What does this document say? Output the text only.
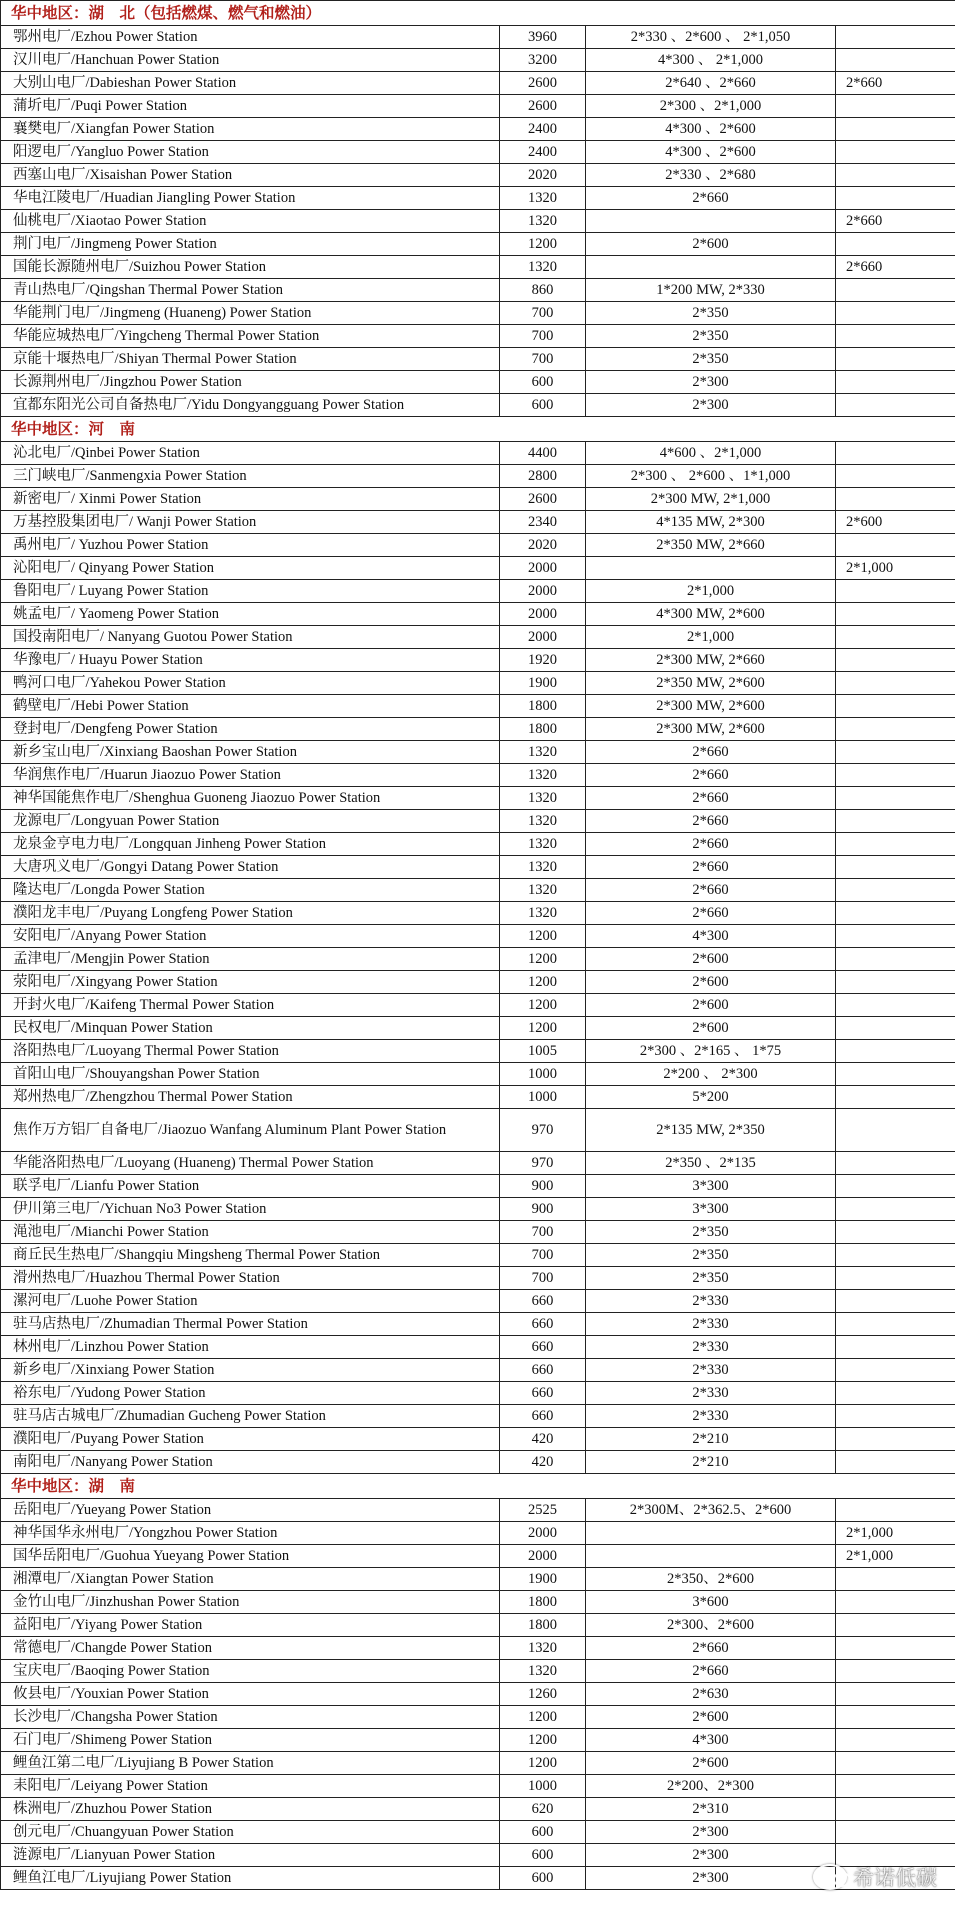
华中地区：湖　北（包括燃煤、燃气和燃油）			
鄂州电厂/Ezhou Power Station	3960	2*330 、2*600 、 2*1,050	
汉川电厂/Hanchuan Power Station	3200	4*300 、 2*1,000	
大别山电厂/Dabieshan Power Station	2600	2*640 、2*660	2*660
蒲圻电厂/Puqi Power Station	2600	2*300 、2*1,000	
襄樊电厂/Xiangfan Power Station	2400	4*300 、2*600	
阳逻电厂/Yangluo Power Station	2400	4*300 、2*600	
西塞山电厂/Xisaishan Power Station	2020	2*330 、2*680	
华电江陵电厂/Huadian Jiangling Power Station	1320	2*660	
仙桃电厂/Xiaotao Power Station	1320		2*660
荆门电厂/Jingmeng Power Station	1200	2*600	
国能长源随州电厂/Suizhou Power Station	1320		2*660
青山热电厂/Qingshan Thermal Power Station	860	1*200 MW, 2*330	
华能荆门电厂/Jingmeng (Huaneng) Power Station	700	2*350	
华能应城热电厂/Yingcheng Thermal Power Station	700	2*350	
京能十堰热电厂/Shiyan Thermal Power Station	700	2*350	
长源荆州电厂/Jingzhou Power Station	600	2*300	
宜都东阳光公司自备热电厂/Yidu Dongyangguang Power Station	600	2*300	
华中地区：河　南			
沁北电厂/Qinbei Power Station	4400	4*600 、2*1,000	
三门峡电厂/Sanmengxia Power Station	2800	2*300 、 2*600 、1*1,000	
新密电厂/ Xinmi Power Station	2600	2*300 MW, 2*1,000	
万基控股集团电厂/ Wanji Power Station	2340	4*135 MW, 2*300	2*600
禹州电厂/ Yuzhou Power Station	2020	2*350 MW, 2*660	
沁阳电厂/ Qinyang Power Station	2000		2*1,000
鲁阳电厂/ Luyang Power Station	2000	2*1,000	
姚孟电厂/ Yaomeng Power Station	2000	4*300 MW, 2*600	
国投南阳电厂/ Nanyang Guotou Power Station	2000	2*1,000	
华豫电厂/ Huayu Power Station	1920	2*300 MW, 2*660	
鸭河口电厂/Yahekou Power Station	1900	2*350 MW, 2*600	
鹤壁电厂/Hebi Power Station	1800	2*300 MW, 2*600	
登封电厂/Dengfeng Power Station	1800	2*300 MW, 2*600	
新乡宝山电厂/Xinxiang Baoshan Power Station	1320	2*660	
华润焦作电厂/Huarun Jiaozuo Power Station	1320	2*660	
神华国能焦作电厂/Shenghua Guoneng Jiaozuo Power Station	1320	2*660	
龙源电厂/Longyuan Power Station	1320	2*660	
龙泉金亨电力电厂/Longquan Jinheng Power Station	1320	2*660	
大唐巩义电厂/Gongyi Datang Power Station	1320	2*660	
隆达电厂/Longda Power Station	1320	2*660	
濮阳龙丰电厂/Puyang Longfeng Power Station	1320	2*660	
安阳电厂/Anyang Power Station	1200	4*300	
孟津电厂/Mengjin Power Station	1200	2*600	
荥阳电厂/Xingyang Power Station	1200	2*600	
开封火电厂/Kaifeng Thermal Power Station	1200	2*600	
民权电厂/Minquan Power Station	1200	2*600	
洛阳热电厂/Luoyang Thermal Power Station	1005	2*300 、2*165 、 1*75	
首阳山电厂/Shouyangshan Power Station	1000	2*200 、 2*300	
郑州热电厂/Zhengzhou Thermal Power Station	1000	5*200	
焦作万方铝厂自备电厂/Jiaozuo Wanfang Aluminum Plant Power Station	970	2*135 MW, 2*350	
华能洛阳热电厂/Luoyang (Huaneng) Thermal Power Station	970	2*350 、2*135	
联孚电厂/Lianfu Power Station	900	3*300	
伊川第三电厂/Yichuan No3 Power Station	900	3*300	
渑池电厂/Mianchi Power Station	700	2*350	
商丘民生热电厂/Shangqiu Mingsheng Thermal Power Station	700	2*350	
滑州热电厂/Huazhou Thermal Power Station	700	2*350	
漯河电厂/Luohe Power Station	660	2*330	
驻马店热电厂/Zhumadian Thermal Power Station	660	2*330	
林州电厂/Linzhou Power Station	660	2*330	
新乡电厂/Xinxiang Power Station	660	2*330	
裕东电厂/Yudong Power Station	660	2*330	
驻马店古城电厂/Zhumadian Gucheng Power Station	660	2*330	
濮阳电厂/Puyang Power Station	420	2*210	
南阳电厂/Nanyang Power Station	420	2*210	
华中地区：湖　南			
岳阳电厂/Yueyang Power Station	2525	2*300M、2*362.5、2*600	
神华国华永州电厂/Yongzhou Power Station	2000		2*1,000
国华岳阳电厂/Guohua Yueyang Power Station	2000		2*1,000
湘潭电厂/Xiangtan Power Station	1900	2*350、2*600	
金竹山电厂/Jinzhushan Power Station	1800	3*600	
益阳电厂/Yiyang Power Station	1800	2*300、2*600	
常德电厂/Changde Power Station	1320	2*660	
宝庆电厂/Baoqing Power Station	1320	2*660	
攸县电厂/Youxian Power Station	1260	2*630	
长沙电厂/Changsha Power Station	1200	2*600	
石门电厂/Shimeng Power Station	1200	4*300	
鲤鱼江第二电厂/Liyujiang B Power Station	1200	2*600	
耒阳电厂/Leiyang Power Station	1000	2*200、2*300	
株洲电厂/Zhuzhou Power Station	620	2*310	
创元电厂/Chuangyuan Power Station	600	2*300	
涟源电厂/Lianyuan Power Station	600	2*300	
鲤鱼江电厂/Liyujiang Power Station	600	2*300		希诺低碳
